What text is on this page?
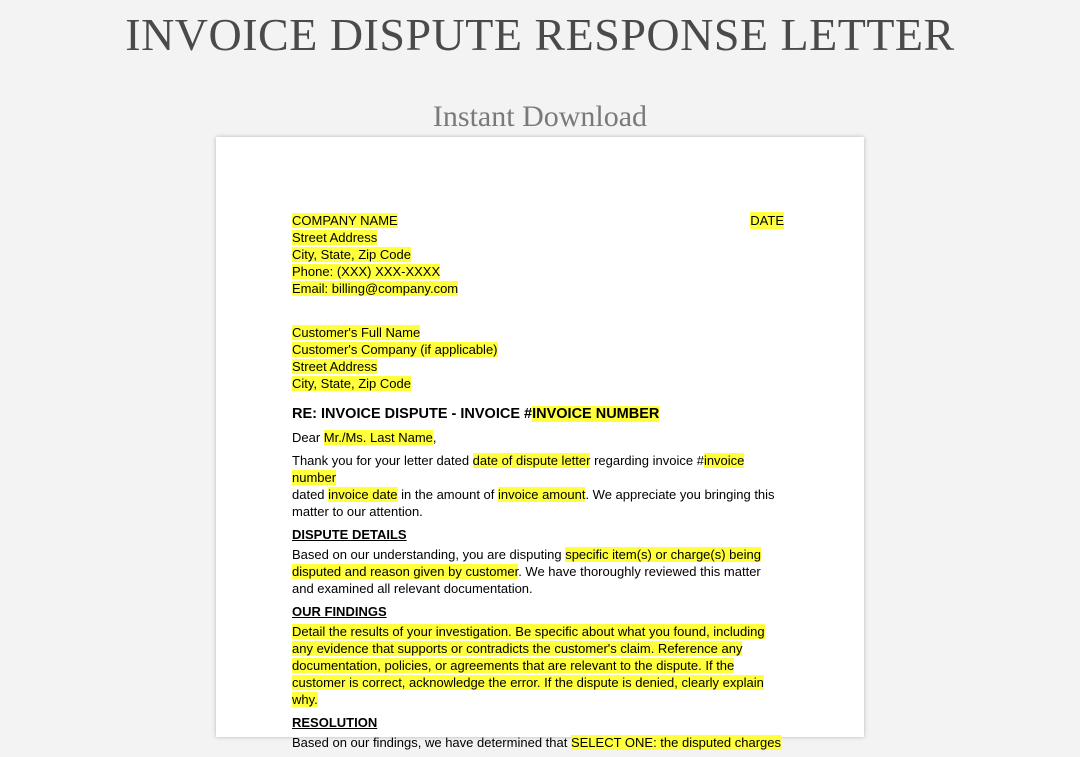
INVOICE DISPUTE RESPONSE LETTER
Instant Download
COMPANY NAME	DATE
Street Address
City, State, Zip Code
Phone: (XXX) XXX-XXXX
Email: billing@company.com
Customer's Full Name
Customer's Company (if applicable)
Street Address
City, State, Zip Code
RE: INVOICE DISPUTE - INVOICE #INVOICE NUMBER

Dear Mr./Ms. Last Name,

Thank you for your letter dated date of dispute letter regarding invoice #invoice number
dated invoice date in the amount of invoice amount. We appreciate you bringing this matter to our attention.

DISPUTE DETAILS

Based on our understanding, you are disputing specific item(s) or charge(s) being disputed and reason given by customer. We have thoroughly reviewed this matter and examined all relevant documentation.

OUR FINDINGS

Detail the results of your investigation. Be specific about what you found, including any evidence that supports or contradicts the customer's claim. Reference any documentation, policies, or agreements that are relevant to the dispute. If the customer is correct, acknowledge the error. If the dispute is denied, clearly explain why.

RESOLUTION

Based on our findings, we have determined that SELECT ONE: the disputed charges
